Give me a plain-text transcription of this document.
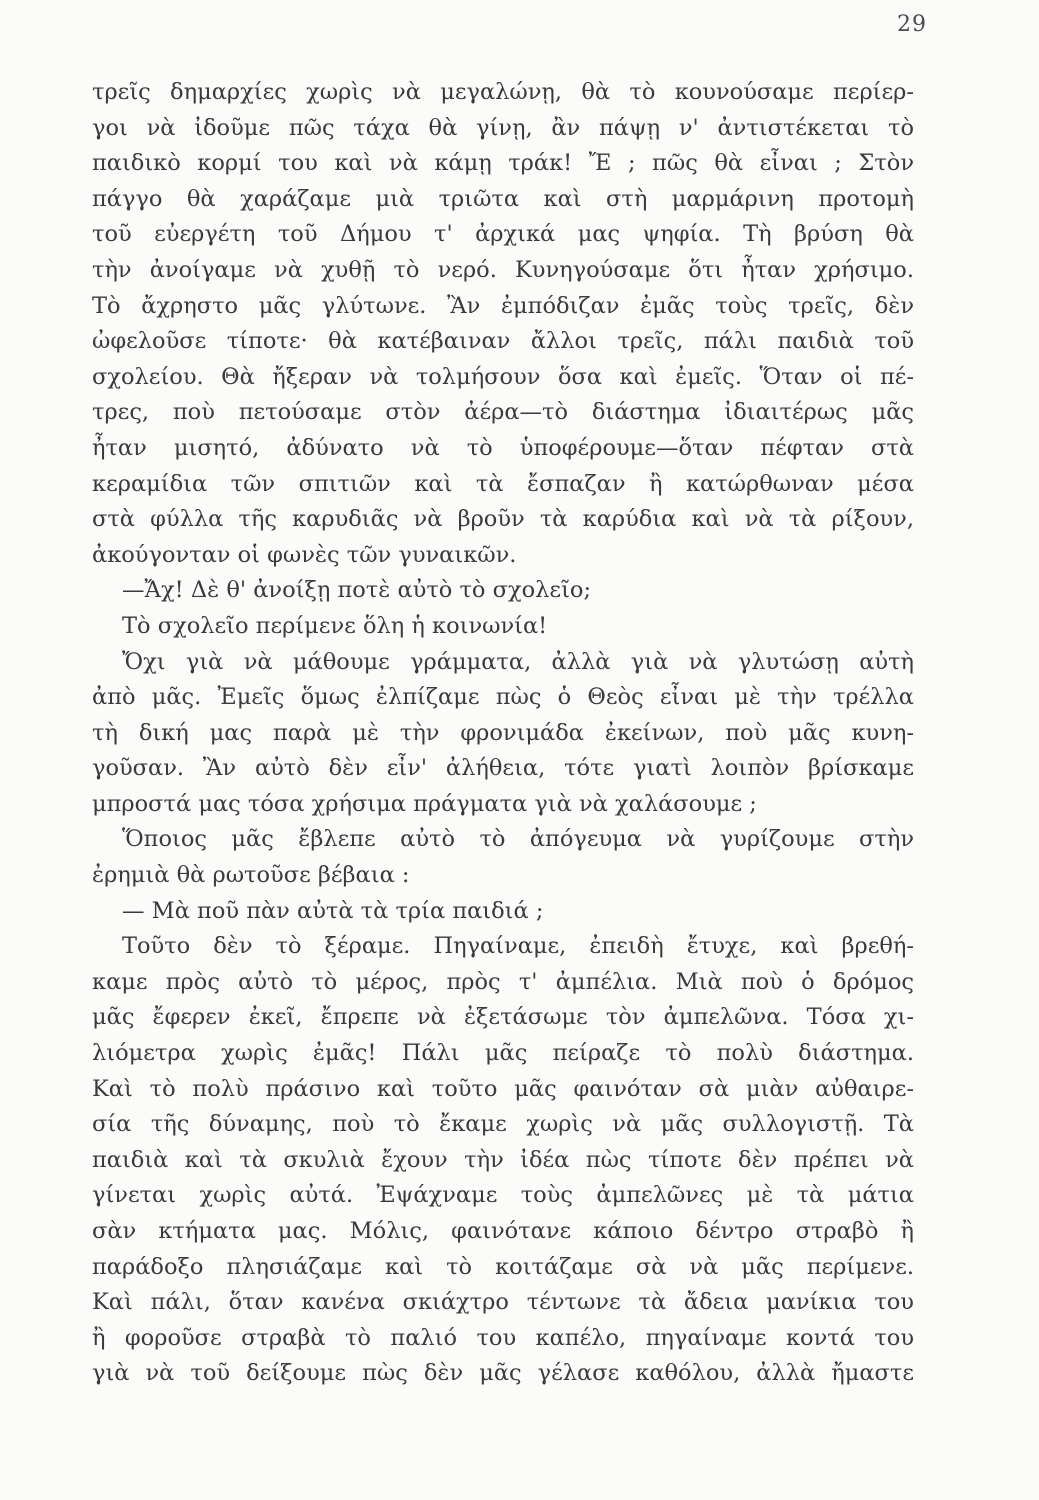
29
τρεῖς δημαρχίες χωρὶς νὰ μεγαλώνῃ, θὰ τὸ κουνούσαμε περίερ-
γοι νὰ ἰδοῦμε πῶς τάχα θὰ γίνῃ, ἂν πάψῃ ν' ἀντιστέκεται τὸ
παιδικὸ κορμί του καὶ νὰ κάμῃ τράκ! Ἔ ; πῶς θὰ εἶναι ; Στὸν
πάγγο θὰ χαράζαμε μιὰ τριῶτα καὶ στὴ μαρμάρινη προτομὴ
τοῦ εὐεργέτη τοῦ Δήμου τ' ἀρχικά μας ψηφία. Τὴ βρύση θὰ
τὴν ἀνοίγαμε νὰ χυθῇ τὸ νερό. Κυνηγούσαμε ὅτι ἦταν χρήσιμο.
Τὸ ἄχρηστο μᾶς γλύτωνε. Ἂν ἐμπόδιζαν ἐμᾶς τοὺς τρεῖς, δὲν
ὠφελοῦσε τίποτε· θὰ κατέβαιναν ἄλλοι τρεῖς, πάλι παιδιὰ τοῦ
σχολείου. Θὰ ἤξεραν νὰ τολμήσουν ὅσα καὶ ἐμεῖς. Ὅταν οἱ πέ-
τρες, ποὺ πετούσαμε στὸν ἀέρα—τὸ διάστημα ἰδιαιτέρως μᾶς
ἦταν μισητό, ἀδύνατο νὰ τὸ ὑποφέρουμε—ὅταν πέφταν στὰ
κεραμίδια τῶν σπιτιῶν καὶ τὰ ἔσπαζαν ἢ κατώρθωναν μέσα
στὰ φύλλα τῆς καρυδιᾶς νὰ βροῦν τὰ καρύδια καὶ νὰ τὰ ρίξουν,
ἀκούγονταν οἱ φωνὲς τῶν γυναικῶν.
—Ἄχ! Δὲ θ' ἀνοίξῃ ποτὲ αὐτὸ τὸ σχολεῖο;
Τὸ σχολεῖο περίμενε ὅλη ἡ κοινωνία!
Ὄχι γιὰ νὰ μάθουμε γράμματα, ἀλλὰ γιὰ νὰ γλυτώσῃ αὐτὴ
ἀπὸ μᾶς. Ἐμεῖς ὅμως ἐλπίζαμε πὼς ὁ Θεὸς εἶναι μὲ τὴν τρέλλα
τὴ δική μας παρὰ μὲ τὴν φρονιμάδα ἐκείνων, ποὺ μᾶς κυνη-
γοῦσαν. Ἂν αὐτὸ δὲν εἶν' ἀλήθεια, τότε γιατὶ λοιπὸν βρίσκαμε
μπροστά μας τόσα χρήσιμα πράγματα γιὰ νὰ χαλάσουμε ;
Ὅποιος μᾶς ἔβλεπε αὐτὸ τὸ ἀπόγευμα νὰ γυρίζουμε στὴν
ἐρημιὰ θὰ ρωτοῦσε βέβαια :
— Μὰ ποῦ πὰν αὐτὰ τὰ τρία παιδιά ;
Τοῦτο δὲν τὸ ξέραμε. Πηγαίναμε, ἐπειδὴ ἔτυχε, καὶ βρεθή-
καμε πρὸς αὐτὸ τὸ μέρος, πρὸς τ' ἀμπέλια. Μιὰ ποὺ ὁ δρόμος
μᾶς ἔφερεν ἐκεῖ, ἔπρεπε νὰ ἐξετάσωμε τὸν ἀμπελῶνα. Τόσα χι-
λιόμετρα χωρὶς ἐμᾶς! Πάλι μᾶς πείραζε τὸ πολὺ διάστημα.
Καὶ τὸ πολὺ πράσινο καὶ τοῦτο μᾶς φαινόταν σὰ μιὰν αὐθαιρε-
σία τῆς δύναμης, ποὺ τὸ ἔκαμε χωρὶς νὰ μᾶς συλλογιστῇ. Τὰ
παιδιὰ καὶ τὰ σκυλιὰ ἔχουν τὴν ἰδέα πὼς τίποτε δὲν πρέπει νὰ
γίνεται χωρὶς αὐτά. Ἐψάχναμε τοὺς ἀμπελῶνες μὲ τὰ μάτια
σὰν κτήματα μας. Μόλις, φαινότανε κάποιο δέντρο στραβὸ ἢ
παράδοξο πλησιάζαμε καὶ τὸ κοιτάζαμε σὰ νὰ μᾶς περίμενε.
Καὶ πάλι, ὅταν κανένα σκιάχτρο τέντωνε τὰ ἄδεια μανίκια του
ἢ φοροῦσε στραβὰ τὸ παλιό του καπέλο, πηγαίναμε κοντά του
γιὰ νὰ τοῦ δείξουμε πὼς δὲν μᾶς γέλασε καθόλου, ἀλλὰ ἤμαστε
